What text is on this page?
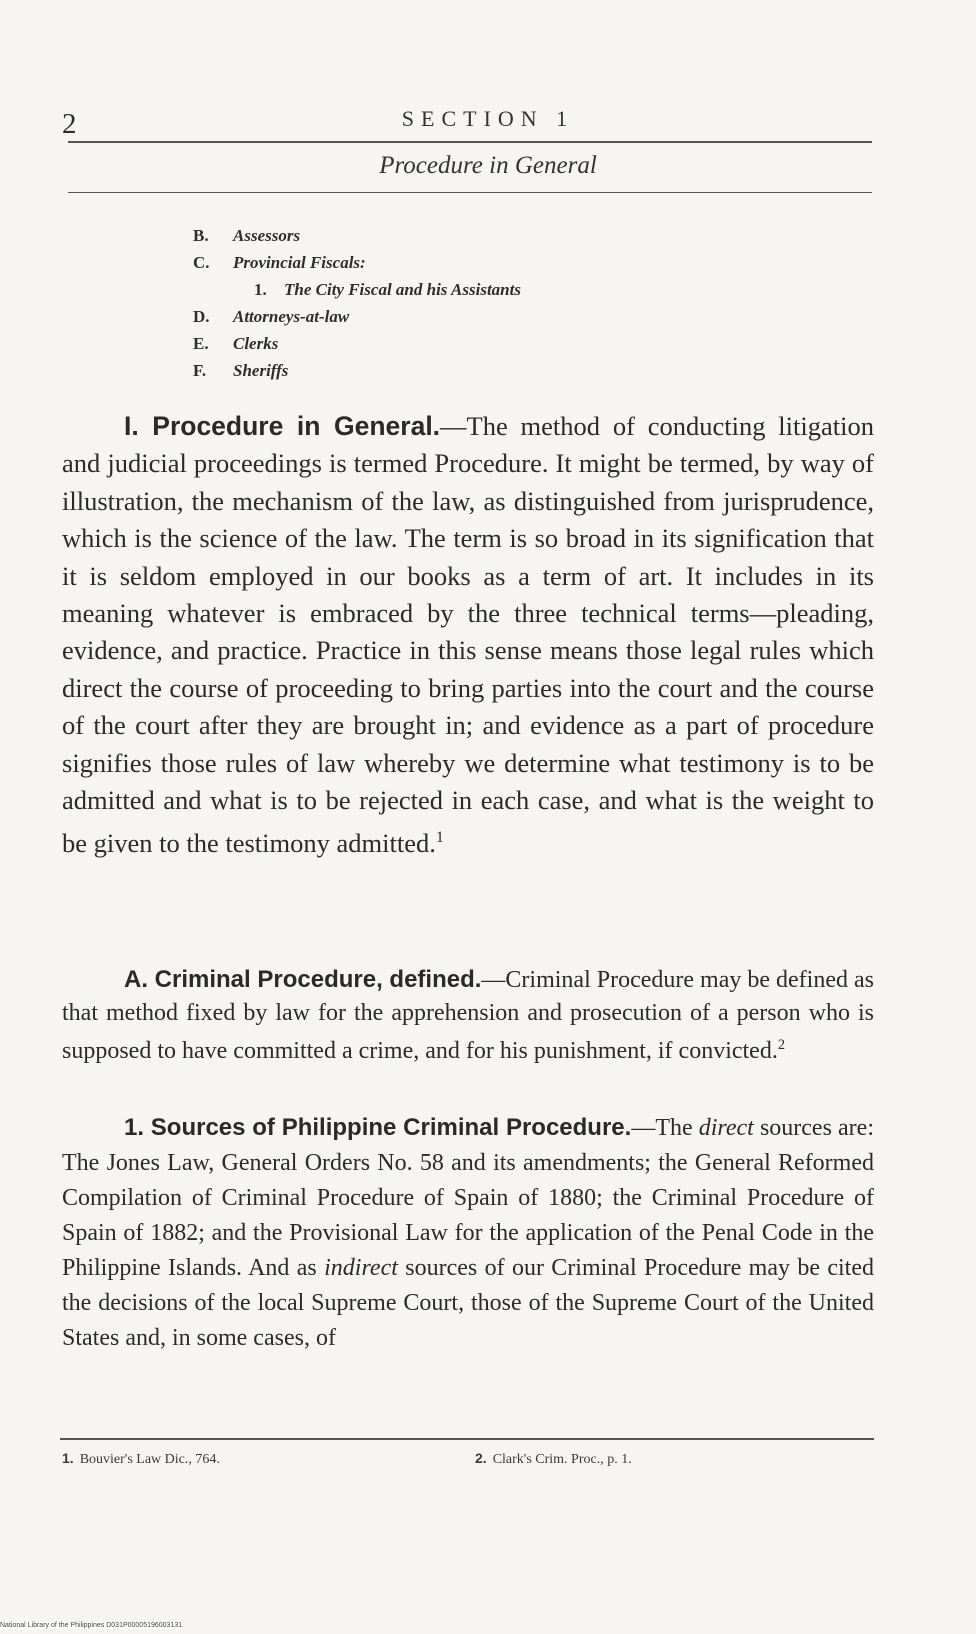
2	SECTION 1
Procedure in General
B. Assessors
C. Provincial Fiscals:
1. The City Fiscal and his Assistants
D. Attorneys-at-law
E. Clerks
F. Sheriffs
I. Procedure in General.—The method of conducting litigation and judicial proceedings is termed Procedure. It might be termed, by way of illustration, the mechanism of the law, as distinguished from jurisprudence, which is the science of the law. The term is so broad in its signification that it is seldom employed in our books as a term of art. It includes in its meaning whatever is embraced by the three technical terms—pleading, evidence, and practice. Practice in this sense means those legal rules which direct the course of proceeding to bring parties into the court and the course of the court after they are brought in; and evidence as a part of procedure signifies those rules of law whereby we determine what testimony is to be admitted and what is to be rejected in each case, and what is the weight to be given to the testimony admitted.$^1$
A. Criminal Procedure, defined.—Criminal Procedure may be defined as that method fixed by law for the apprehension and prosecution of a person who is supposed to have committed a crime, and for his punishment, if convicted.$^2$
1. Sources of Philippine Criminal Procedure.—The direct sources are: The Jones Law, General Orders No. 58 and its amendments; the General Reformed Compilation of Criminal Procedure of Spain of 1880; the Criminal Procedure of Spain of 1882; and the Provisional Law for the application of the Penal Code in the Philippine Islands. And as indirect sources of our Criminal Procedure may be cited the decisions of the local Supreme Court, those of the Supreme Court of the United States and, in some cases, of
1. Bouvier's Law Dic., 764.	2. Clark's Crim. Proc., p. 1.
National Library of the Philippines D031P00005196003131
